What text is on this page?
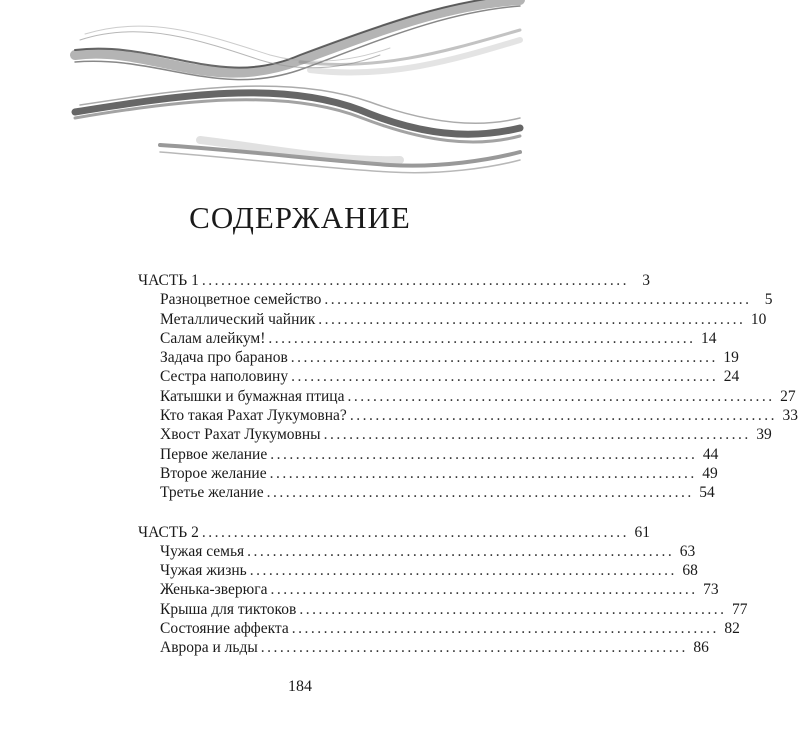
СОДЕРЖАНИЕ
ЧАСТЬ 1 ................................................................... 3
Разноцветное семейство ................................................................... 5
Металлический чайник ................................................................... 10
Салам алейкум! ................................................................... 14
Задача про баранов ................................................................... 19
Сестра наполовину ................................................................... 24
Катышки и бумажная птица ................................................................... 27
Кто такая Рахат Лукумовна? ................................................................... 33
Хвост Рахат Лукумовны ................................................................... 39
Первое желание ................................................................... 44
Второе желание ................................................................... 49
Третье желание ................................................................... 54
ЧАСТЬ 2 ................................................................... 61
Чужая семья ................................................................... 63
Чужая жизнь ................................................................... 68
Женька-зверюга ................................................................... 73
Крыша для тиктоков ................................................................... 77
Состояние аффекта ................................................................... 82
Аврора и льды ................................................................... 86
184
